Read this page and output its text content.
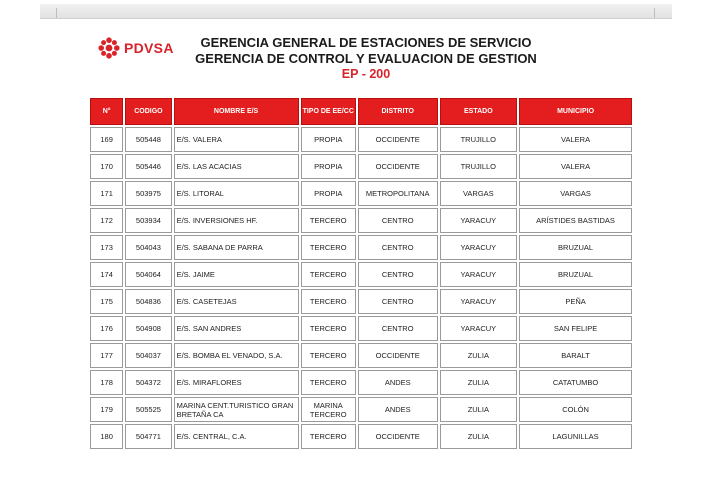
PDVSA	GERENCIA GENERAL DE ESTACIONES DE SERVICIO
GERENCIA DE CONTROL Y EVALUACION DE GESTION
EP - 200
N°	CODIGO	NOMBRE E/S	TIPO DE EE/CC	DISTRITO	ESTADO	MUNICIPIO
169	505448	E/S. VALERA	PROPIA	OCCIDENTE	TRUJILLO	VALERA
170	505446	E/S. LAS ACACIAS	PROPIA	OCCIDENTE	TRUJILLO	VALERA
171	503975	E/S. LITORAL	PROPIA	METROPOLITANA	VARGAS	VARGAS
172	503934	E/S. INVERSIONES HF.	TERCERO	CENTRO	YARACUY	ARÍSTIDES BASTIDAS
173	504043	E/S. SABANA DE PARRA	TERCERO	CENTRO	YARACUY	BRUZUAL
174	504064	E/S. JAIME	TERCERO	CENTRO	YARACUY	BRUZUAL
175	504836	E/S. CASETEJAS	TERCERO	CENTRO	YARACUY	PEÑA
176	504908	E/S. SAN ANDRES	TERCERO	CENTRO	YARACUY	SAN FELIPE
177	504037	E/S. BOMBA EL VENADO, S.A.	TERCERO	OCCIDENTE	ZULIA	BARALT
178	504372	E/S. MIRAFLORES	TERCERO	ANDES	ZULIA	CATATUMBO
179	505525	MARINA CENT.TURISTICO GRAN BRETAÑA CA	MARINA TERCERO	ANDES	ZULIA	COLÓN
180	504771	E/S. CENTRAL, C.A.	TERCERO	OCCIDENTE	ZULIA	LAGUNILLAS
